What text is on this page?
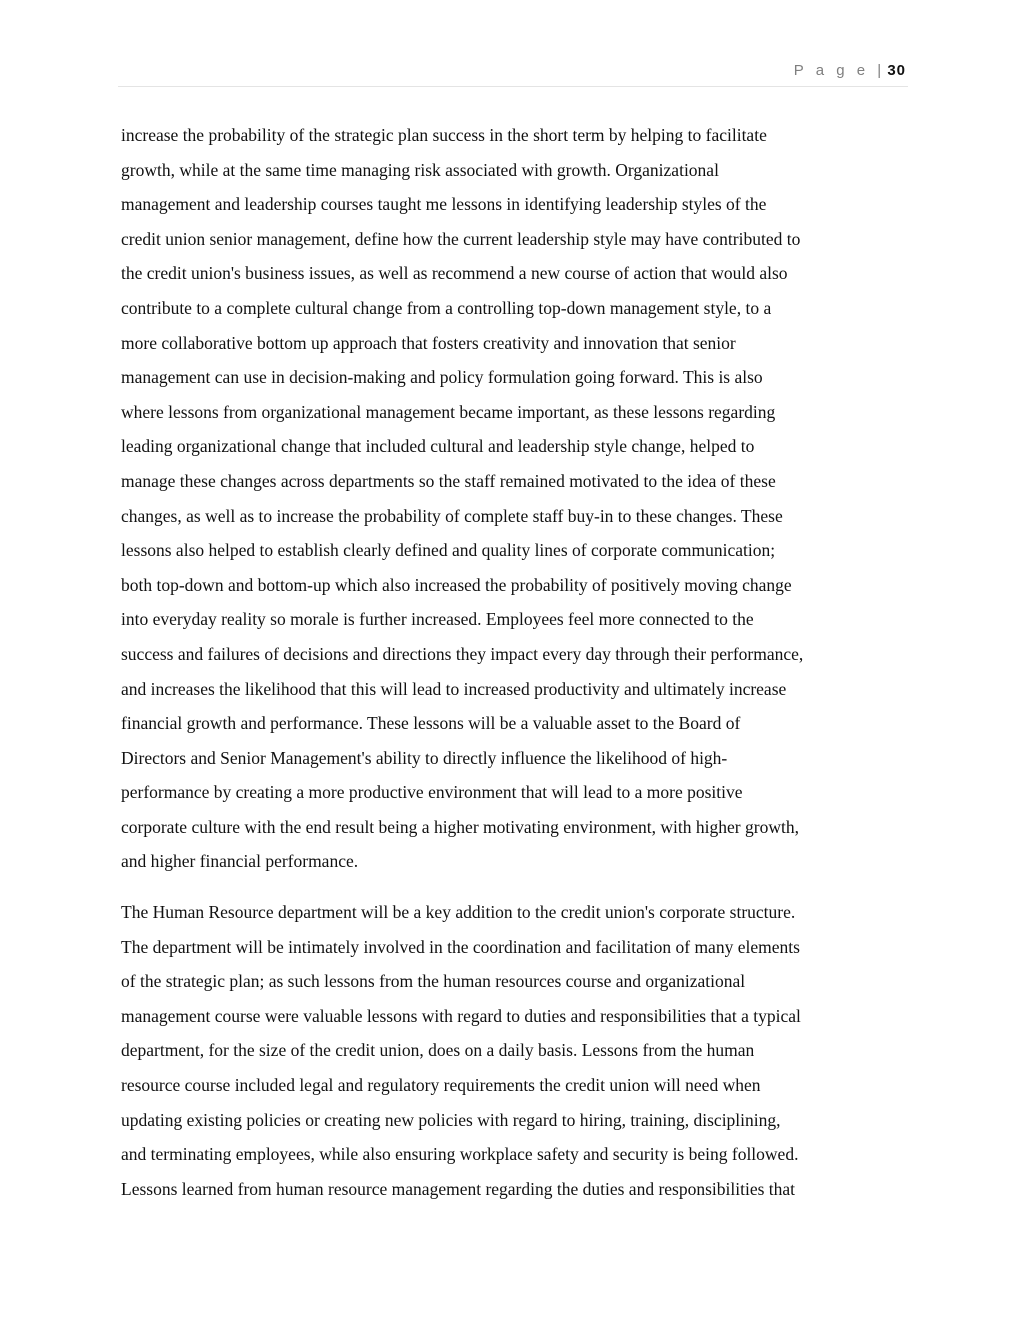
P a g e | 30

increase the probability of the strategic plan success in the short term by helping to facilitate
growth, while at the same time managing risk associated with growth. Organizational
management and leadership courses taught me lessons in identifying leadership styles of the
credit union senior management, define how the current leadership style may have contributed to
the credit union's business issues, as well as recommend a new course of action that would also
contribute to a complete cultural change from a controlling top-down management style, to a
more collaborative bottom up approach that fosters creativity and innovation that senior
management can use in decision-making and policy formulation going forward. This is also
where lessons from organizational management became important, as these lessons regarding
leading organizational change that included cultural and leadership style change, helped to
manage these changes across departments so the staff remained motivated to the idea of these
changes, as well as to increase the probability of complete staff buy-in to these changes. These
lessons also helped to establish clearly defined and quality lines of corporate communication;
both top-down and bottom-up which also increased the probability of positively moving change
into everyday reality so morale is further increased. Employees feel more connected to the
success and failures of decisions and directions they impact every day through their performance,
and increases the likelihood that this will lead to increased productivity and ultimately increase
financial growth and performance. These lessons will be a valuable asset to the Board of
Directors and Senior Management's ability to directly influence the likelihood of high-
performance by creating a more productive environment that will lead to a more positive
corporate culture with the end result being a higher motivating environment, with higher growth,
and higher financial performance.

The Human Resource department will be a key addition to the credit union's corporate structure.
The department will be intimately involved in the coordination and facilitation of many elements
of the strategic plan; as such lessons from the human resources course and organizational
management course were valuable lessons with regard to duties and responsibilities that a typical
department, for the size of the credit union, does on a daily basis. Lessons from the human
resource course included legal and regulatory requirements the credit union will need when
updating existing policies or creating new policies with regard to hiring, training, disciplining,
and terminating employees, while also ensuring workplace safety and security is being followed.
Lessons learned from human resource management regarding the duties and responsibilities that
